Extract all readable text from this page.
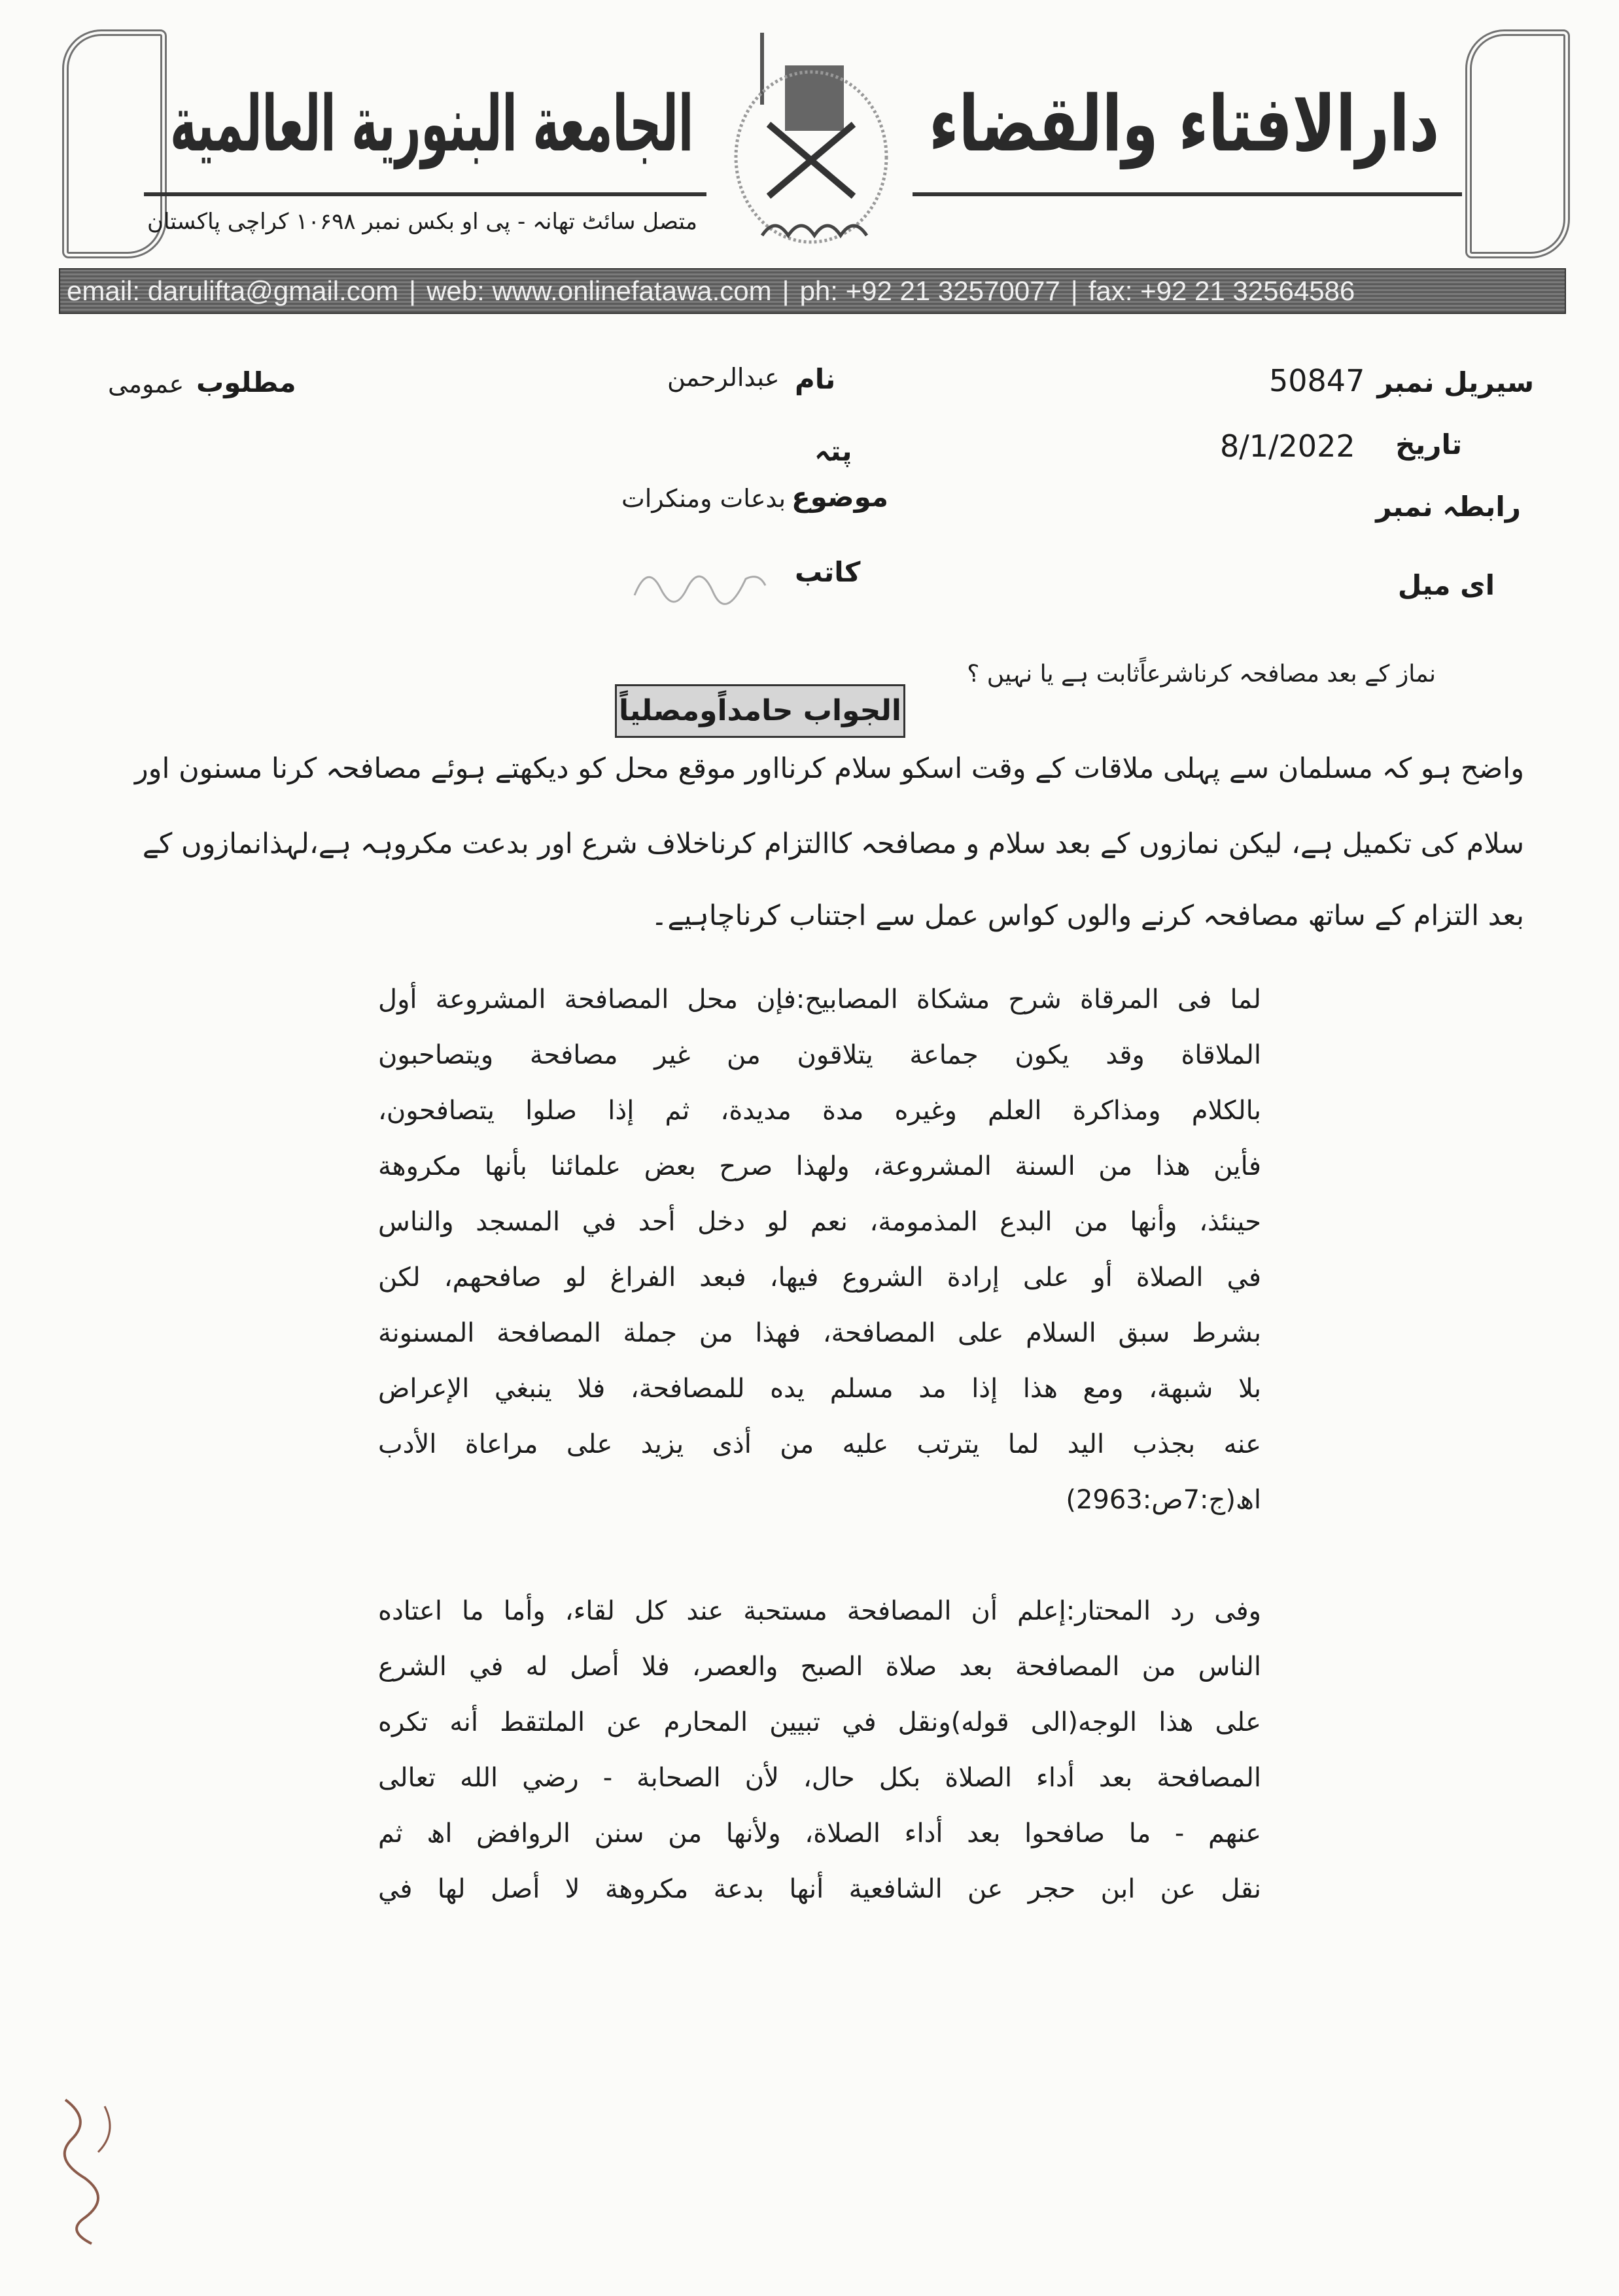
الجامعة البنورية العالمية	دارالافتاء والقضاء
متصل سائٹ تھانہ - پی او بکس نمبر ۱۰۶۹۸ کراچی پاکستان
email: darulifta@gmail.com | web: www.onlinefatawa.com | ph: +92 21 32570077 | fax: +92 21 32564586
سیریل نمبر
50847
تاریخ
8/1/2022
رابطہ نمبر
ای میل
نام
عبدالرحمن
پتہ
موضوع
بدعات ومنکرات
کاتب
مطلوب
عمومی
نماز کے بعد مصافحہ کرناشرعاًثابت ہے یا نہیں ؟
الجواب حامداًومصلياً
واضح ہو کہ مسلمان سے پہلی ملاقات کے وقت اسکو سلام کرنااور موقع محل کو دیکھتے ہوئے مصافحہ کرنا مسنون اور
سلام کی تکمیل ہے، لیکن نمازوں کے بعد سلام و مصافحہ کاالتزام کرناخلاف شرع اور بدعت مکروہہ ہے،لہذانمازوں کے
بعد التزام کے ساتھ مصافحہ کرنے والوں کواس عمل سے اجتناب کرناچاہیے۔
لما فى المرقاة شرح مشكاة المصابيح:فإن محل المصافحة المشروعة أول
الملاقاة وقد يكون جماعة يتلاقون من غير مصافحة ويتصاحبون
بالكلام ومذاكرة العلم وغيره مدة مديدة، ثم إذا صلوا يتصافحون،
فأين هذا من السنة المشروعة، ولهذا صرح بعض علمائنا بأنها مكروهة
حينئذ، وأنها من البدع المذمومة، نعم لو دخل أحد في المسجد والناس
في الصلاة أو على إرادة الشروع فيها، فبعد الفراغ لو صافحهم، لكن
بشرط سبق السلام على المصافحة، فهذا من جملة المصافحة المسنونة
بلا شبهة، ومع هذا إذا مد مسلم يده للمصافحة، فلا ينبغي الإعراض
عنه بجذب اليد لما يترتب عليه من أذى يزيد على مراعاة الأدب
اھ(ج:7ص:2963)
وفى رد المحتار:إعلم أن المصافحة مستحبة عند كل لقاء، وأما ما اعتاده
الناس من المصافحة بعد صلاة الصبح والعصر، فلا أصل له في الشرع
على هذا الوجه(الى قوله)ونقل في تبيين المحارم عن الملتقط أنه تكره
المصافحة بعد أداء الصلاة بكل حال، لأن الصحابة - رضي الله تعالى
عنهم - ما صافحوا بعد أداء الصلاة، ولأنها من سنن الروافض اھ ثم
نقل عن ابن حجر عن الشافعية أنها بدعة مكروهة لا أصل لها في
